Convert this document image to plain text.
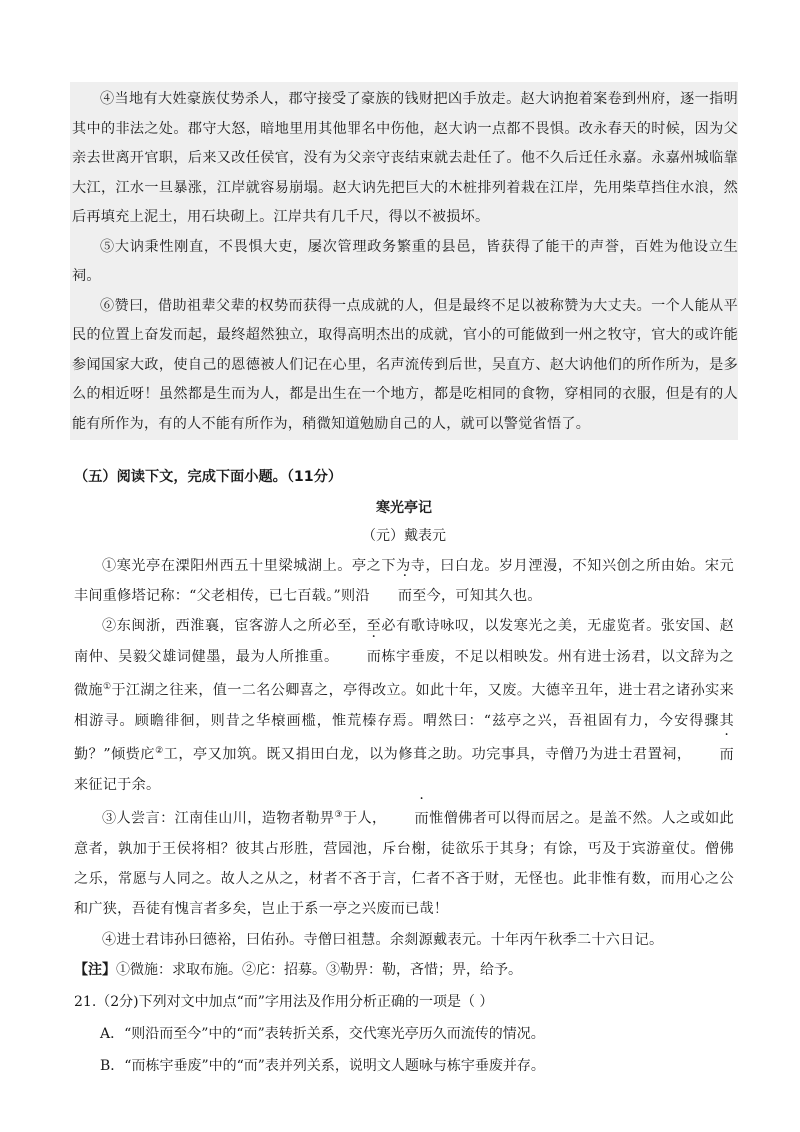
④当地有大姓豪族仗势杀人，郡守接受了豪族的钱财把凶手放走。赵大讷抱着案卷到州府，逐一指明其中的非法之处。郡守大怒，暗地里用其他罪名中伤他，赵大讷一点都不畏惧。改永春天的时候，因为父亲去世离开官职，后来又改任侯官，没有为父亲守丧结束就去赴任了。他不久后迁任永嘉。永嘉州城临靠大江，江水一旦暴涨，江岸就容易崩塌。赵大讷先把巨大的木桩排列着栽在江岸，先用柴草挡住水浪，然后再填充上泥土，用石块砌上。江岸共有几千尺，得以不被损坏。

⑤大讷秉性刚直，不畏惧大吏，屡次管理政务繁重的县邑，皆获得了能干的声誉，百姓为他设立生祠。

⑥赞曰，借助祖辈父辈的权势而获得一点成就的人，但是最终不足以被称赞为大丈夫。一个人能从平民的位置上奋发而起，最终超然独立，取得高明杰出的成就，官小的可能做到一州之牧守，官大的或许能参闻国家大政，使自己的恩德被人们记在心里，名声流传到后世，吴直方、赵大讷他们的所作所为，是多么的相近呀！虽然都是生而为人，都是出生在一个地方，都是吃相同的食物，穿相同的衣服，但是有的人能有所作为，有的人不能有所作为，稍微知道勉励自己的人，就可以警觉省悟了。

（五）阅读下文，完成下面小题。（11分）

寒光亭记

（元）戴表元

①寒光亭在溧阳州西五十里梁城湖上。亭之下为寺，曰白龙。岁月湮漫，不知兴创之所由始。宋元丰间重修塔记称：“父老相传，已七百载。”则沿 而至今，可知其久也。

②东闽浙，西淮襄，宦客游人之所必至，至必有歌诗咏叹，以发寒光之美，无虚览者。张安国、赵南仲、吴毅父雄词健墨，最为人所推重。 而栋宇垂废，不足以相映发。州有进士汤君，以文辞为之微施①于江湖之往来，值一二名公卿喜之，亭得改立。如此十年，又废。大德辛丑年，进士君之诸孙实来相游寻。顾瞻徘徊，则昔之华榱画槛，惟荒榛存焉。喟然曰：“兹亭之兴，吾祖固有力，今安得骤其勤？”倾赀庀②工，亭又加筑。既又捐田白龙，以为修葺之助。功完事具，寺僧乃为进士君置祠， 而来征记于余。

③人尝言：江南佳山川，造物者勒畀③于人， 而惟僧佛者可以得而居之。是盖不然。人之或如此意者，孰加于王侯将相？彼其占形胜，营园池，斥台榭，徒欲乐于其身；有馀，丐及于宾游童仗。僧佛之乐，常愿与人同之。故人之从之，材者不吝于言，仁者不吝于财，无怪也。此非惟有数，而用心之公和广狭，吾徒有愧言者多矣，岂止于系一亭之兴废而已哉！

④进士君讳孙曰德裕，曰佑孙。寺僧曰祖慧。余剡源戴表元。十年丙午秋季二十六日记。

【注】①微施：求取布施。②庀：招募。③勒畀：勒，吝惜；畀，给予。

21.（2分)下列对文中加点“而”字用法及作用分析正确的一项是（ ）

A．“则沿而至今”中的“而”表转折关系，交代寒光亭历久而流传的情况。

B．“而栋宇垂废”中的“而”表并列关系，说明文人题咏与栋宇垂废并存。
